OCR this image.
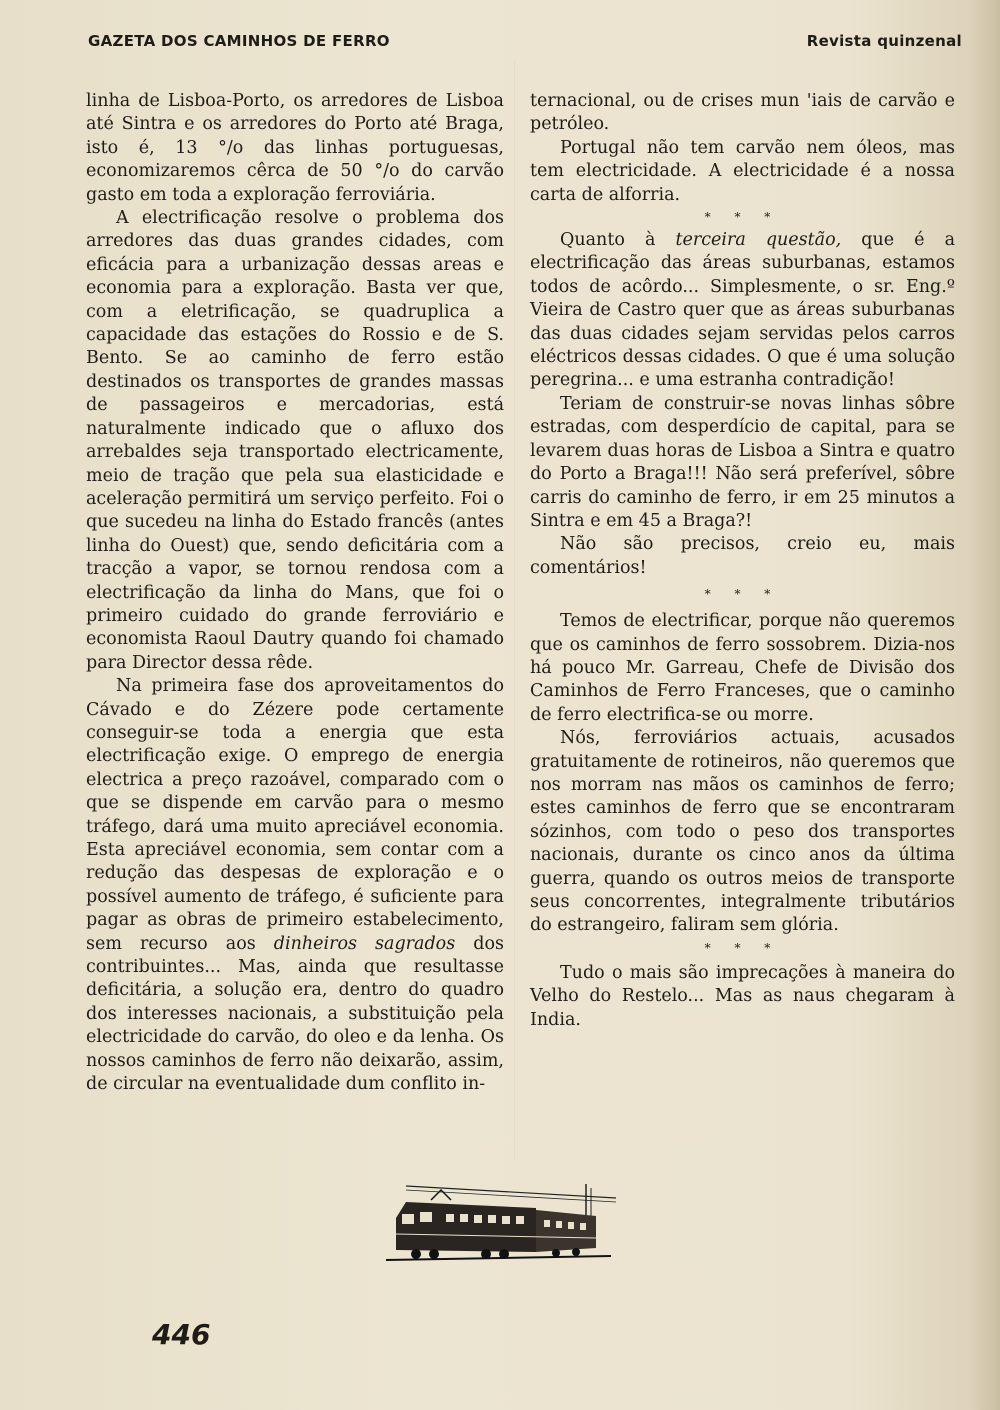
GAZETA DOS CAMINHOS DE FERRO	Revista quinzenal

linha de Lisboa-Porto, os arredores de Lisboa até Sintra e os arredores do Porto até Braga, isto é, 13 °/o das linhas portuguesas, economizaremos cêrca de 50 °/o do carvão gasto em toda a exploração ferroviária.

A electrificação resolve o problema dos arredores das duas grandes cidades, com eficácia para a urbanização dessas areas e economia para a exploração. Basta ver que, com a eletrificação, se quadruplica a capacidade das estações do Rossio e de S. Bento. Se ao caminho de ferro estão destinados os transportes de grandes massas de passageiros e mercadorias, está naturalmente indicado que o afluxo dos arrebaldes seja transportado electricamente, meio de tração que pela sua elasticidade e aceleração permitirá um serviço perfeito. Foi o que sucedeu na linha do Estado francês (antes linha do Ouest) que, sendo deficitária com a tracção a vapor, se tornou rendosa com a electrificação da linha do Mans, que foi o primeiro cuidado do grande ferroviário e economista Raoul Dautry quando foi chamado para Director dessa rêde.

Na primeira fase dos aproveitamentos do Cávado e do Zézere pode certamente conseguir-se toda a energia que esta electrificação exige. O emprego de energia electrica a preço razoável, comparado com o que se dispende em carvão para o mesmo tráfego, dará uma muito apreciável economia. Esta apreciável economia, sem contar com a redução das despesas de exploração e o possível aumento de tráfego, é suficiente para pagar as obras de primeiro estabelecimento, sem recurso aos dinheiros sagrados dos contribuintes... Mas, ainda que resultasse deficitária, a solução era, dentro do quadro dos interesses nacionais, a substituição pela electricidade do carvão, do oleo e da lenha. Os nossos caminhos de ferro não deixarão, assim, de circular na eventualidade dum conflito in-

ternacional, ou de crises mun 'iais de carvão e petróleo.

Portugal não tem carvão nem óleos, mas tem electricidade. A electricidade é a nossa carta de alforria.

* * *

Quanto à terceira questão, que é a electrificação das áreas suburbanas, estamos todos de acôrdo... Simplesmente, o sr. Eng.º Vieira de Castro quer que as áreas suburbanas das duas cidades sejam servidas pelos carros eléctricos dessas cidades. O que é uma solução peregrina... e uma estranha contradição!

Teriam de construir-se novas linhas sôbre estradas, com desperdício de capital, para se levarem duas horas de Lisboa a Sintra e quatro do Porto a Braga!!! Não será preferível, sôbre carris do caminho de ferro, ir em 25 minutos a Sintra e em 45 a Braga?!

Não são precisos, creio eu, mais comentários!

* * *

Temos de electrificar, porque não queremos que os caminhos de ferro sossobrem. Dizia-nos há pouco Mr. Garreau, Chefe de Divisão dos Caminhos de Ferro Franceses, que o caminho de ferro electrifica-se ou morre.

Nós, ferroviários actuais, acusados gratuitamente de rotineiros, não queremos que nos morram nas mãos os caminhos de ferro; estes caminhos de ferro que se encontraram sózinhos, com todo o peso dos transportes nacionais, durante os cinco anos da última guerra, quando os outros meios de transporte seus concorrentes, integralmente tributários do estrangeiro, faliram sem glória.

* * *

Tudo o mais são imprecações à maneira do Velho do Restelo... Mas as naus chegaram à India.

446
